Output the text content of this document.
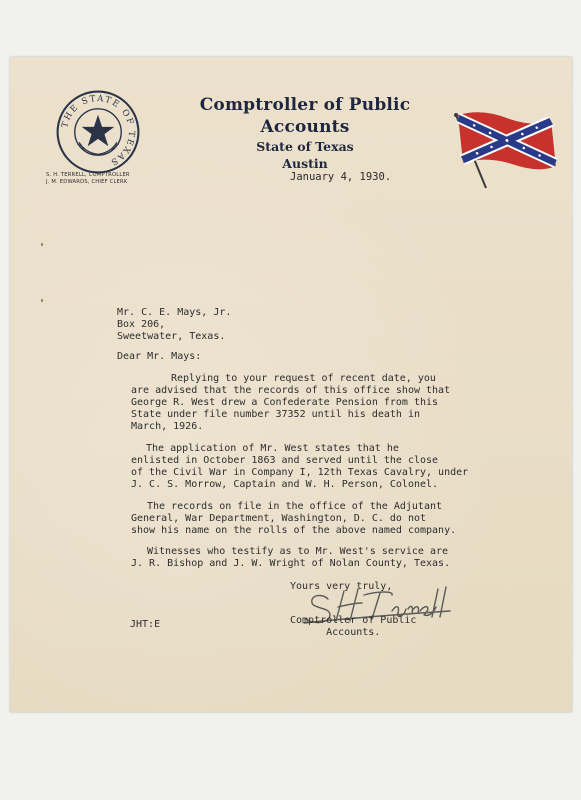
THE STATE OF TEXAS
S. H. TERRELL, COMPTROLLER
J. M. EDWARDS, CHIEF CLERK
Comptroller of Public Accounts
State of Texas
Austin
January 4, 1930.
Mr. C. E. Mays, Jr.
Box 206,
Sweetwater, Texas.
Dear Mr. Mays:
Replying to your request of recent date, you
are advised that the records of this office show that
George R. West drew a Confederate Pension from this
State under file number 37352 until his death in
March, 1926.
The application of Mr. West states that he
enlisted in October 1863 and served until the close
of the Civil War in Company I, 12th Texas Cavalry, under
J. C. S. Morrow, Captain and W. H. Person, Colonel.
The records on file in the office of the Adjutant
General, War Department, Washington, D. C. do not
show his name on the rolls of the above named company.
Witnesses who testify as to Mr. West's service are
J. R. Bishop and J. W. Wright of Nolan County, Texas.
Yours very truly,
Comptroller of Public
Accounts.
JHT:E
